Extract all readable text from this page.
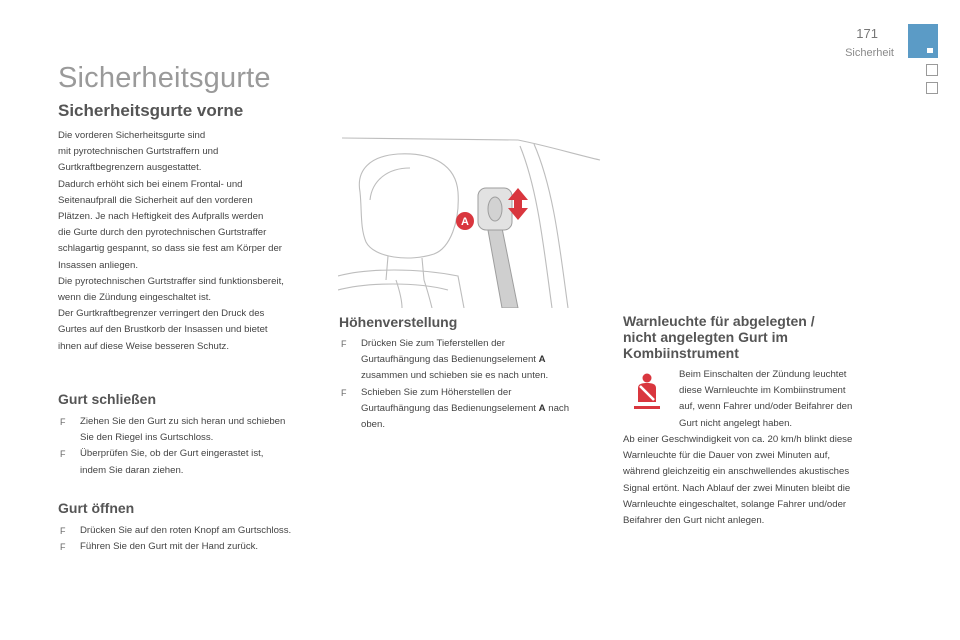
171
Sicherheit
Sicherheitsgurte
Sicherheitsgurte vorne
Die vorderen Sicherheitsgurte sind
mit pyrotechnischen Gurtstraffern und
Gurtkraftbegrenzern ausgestattet.
Dadurch erhöht sich bei einem Frontal- und
Seitenaufprall die Sicherheit auf den vorderen
Plätzen. Je nach Heftigkeit des Aufpralls werden
die Gurte durch den pyrotechnischen Gurtstraffer
schlagartig gespannt, so dass sie fest am Körper der
Insassen anliegen.
Die pyrotechnischen Gurtstraffer sind funktionsbereit,
wenn die Zündung eingeschaltet ist.
Der Gurtkraftbegrenzer verringert den Druck des
Gurtes auf den Brustkorb der Insassen und bietet
ihnen auf diese Weise besseren Schutz.
Gurt schließen
F Ziehen Sie den Gurt zu sich heran und schieben
Sie den Riegel ins Gurtschloss.
F Überprüfen Sie, ob der Gurt eingerastet ist,
indem Sie daran ziehen.
Gurt öffnen
F Drücken Sie auf den roten Knopf am Gurtschloss.
F Führen Sie den Gurt mit der Hand zurück.
A
Höhenverstellung
F Drücken Sie zum Tieferstellen der
Gurtaufhängung das Bedienungselement A
zusammen und schieben sie es nach unten.
F Schieben Sie zum Höherstellen der
Gurtaufhängung das Bedienungselement A nach
oben.
Warnleuchte für abgelegten /
nicht angelegten Gurt im
Kombiinstrument
Beim Einschalten der Zündung leuchtet
diese Warnleuchte im Kombiinstrument
auf, wenn Fahrer und/oder Beifahrer den
Gurt nicht angelegt haben.
Ab einer Geschwindigkeit von ca. 20 km/h blinkt diese
Warnleuchte für die Dauer von zwei Minuten auf,
während gleichzeitig ein anschwellendes akustisches
Signal ertönt. Nach Ablauf der zwei Minuten bleibt die
Warnleuchte eingeschaltet, solange Fahrer und/oder
Beifahrer den Gurt nicht anlegen.
